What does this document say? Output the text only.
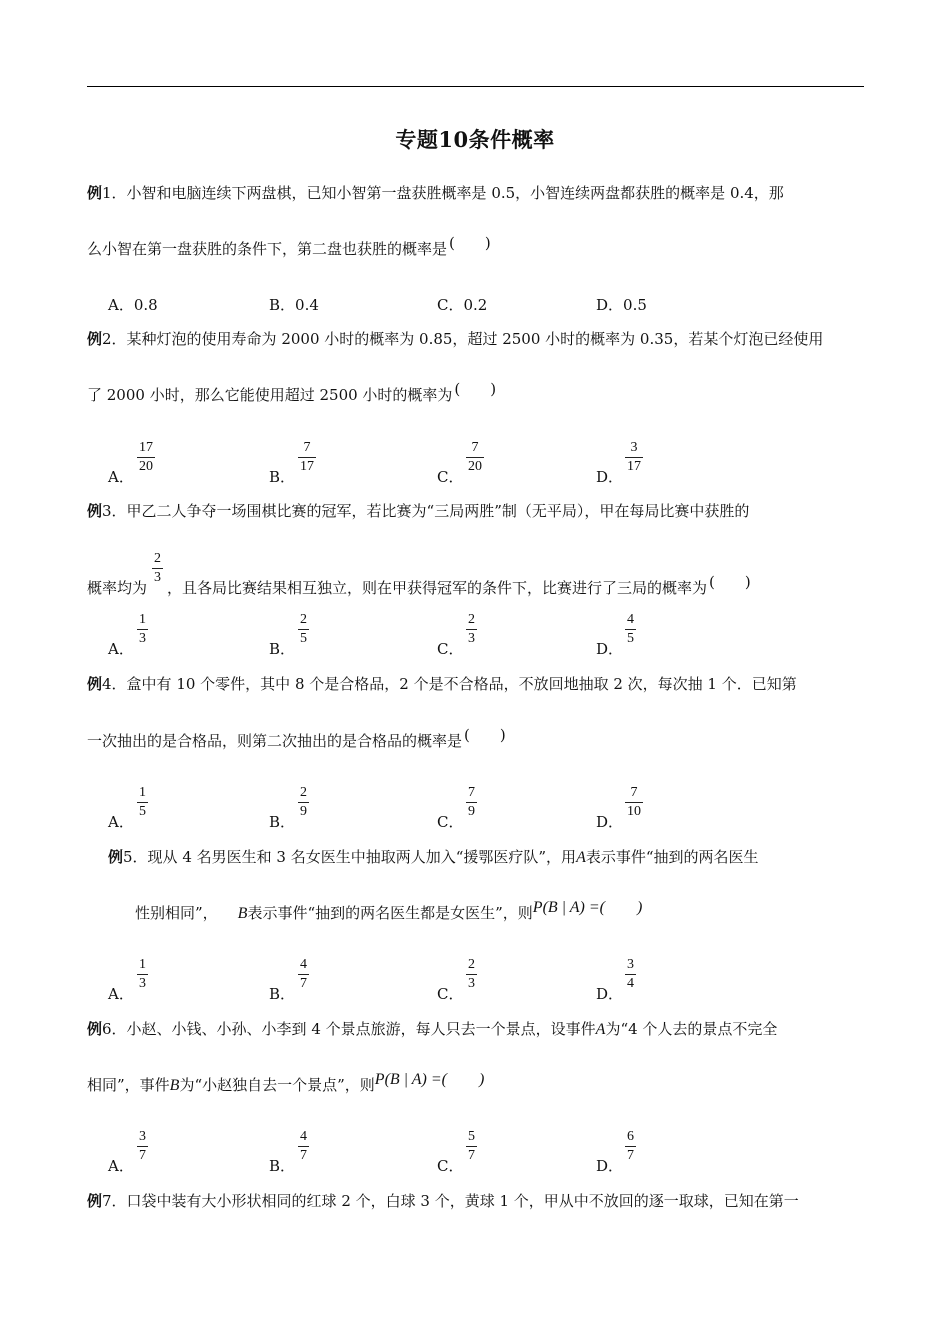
专题10条件概率
例1．小智和电脑连续下两盘棋，已知小智第一盘获胜概率是 0.5，小智连续两盘都获胜的概率是 0.4，那
么小智在第一盘获胜的条件下，第二盘也获胜的概率是 (　　)
A．0.8	B．0.4	C．0.2	D．0.5
例2．某种灯泡的使用寿命为 2000 小时的概率为 0.85，超过 2500 小时的概率为 0.35，若某个灯泡已经使用
了 2000 小时，那么它能使用超过 2500 小时的概率为 (　　)
A．
$\frac{17}{20}$
B．
$\frac{7}{17}$
C．
$\frac{7}{20}$
D．
$\frac{3}{17}$
例3．甲乙二人争夺一场围棋比赛的冠军，若比赛为“三局两胜”制（无平局），甲在每局比赛中获胜的
概率均为 ，且各局比赛结果相互独立，则在甲获得冠军的条件下，比赛进行了三局的概率为 (　　)
$\frac{2}{3}$
A．
$\frac{1}{3}$
B．
$\frac{2}{5}$
C．
$\frac{2}{3}$
D．
$\frac{4}{5}$
例4．盒中有 10 个零件，其中 8 个是合格品，2 个是不合格品，不放回地抽取 2 次，每次抽 1 个．已知第
一次抽出的是合格品，则第二次抽出的是合格品的概率是 (　　)
A．
$\frac{1}{5}$
B．
$\frac{2}{9}$
C．
$\frac{7}{9}$
D．
$\frac{7}{10}$
例5．现从 4 名男医生和 3 名女医生中抽取两人加入“援鄂医疗队”，用A表示事件“抽到的两名医生
性别相同”， B表示事件“抽到的两名医生都是女医生”，则P(B | A) =(　　)
A．
$\frac{1}{3}$
B．
$\frac{4}{7}$
C．
$\frac{2}{3}$
D．
$\frac{3}{4}$
例6．小赵、小钱、小孙、小李到 4 个景点旅游，每人只去一个景点，设事件A为“4 个人去的景点不完全
相同”，事件B为“小赵独自去一个景点”，则P(B | A) =(　　)
A．
$\frac{3}{7}$
B．
$\frac{4}{7}$
C．
$\frac{5}{7}$
D．
$\frac{6}{7}$
例7．口袋中装有大小形状相同的红球 2 个，白球 3 个，黄球 1 个，甲从中不放回的逐一取球，已知在第一
